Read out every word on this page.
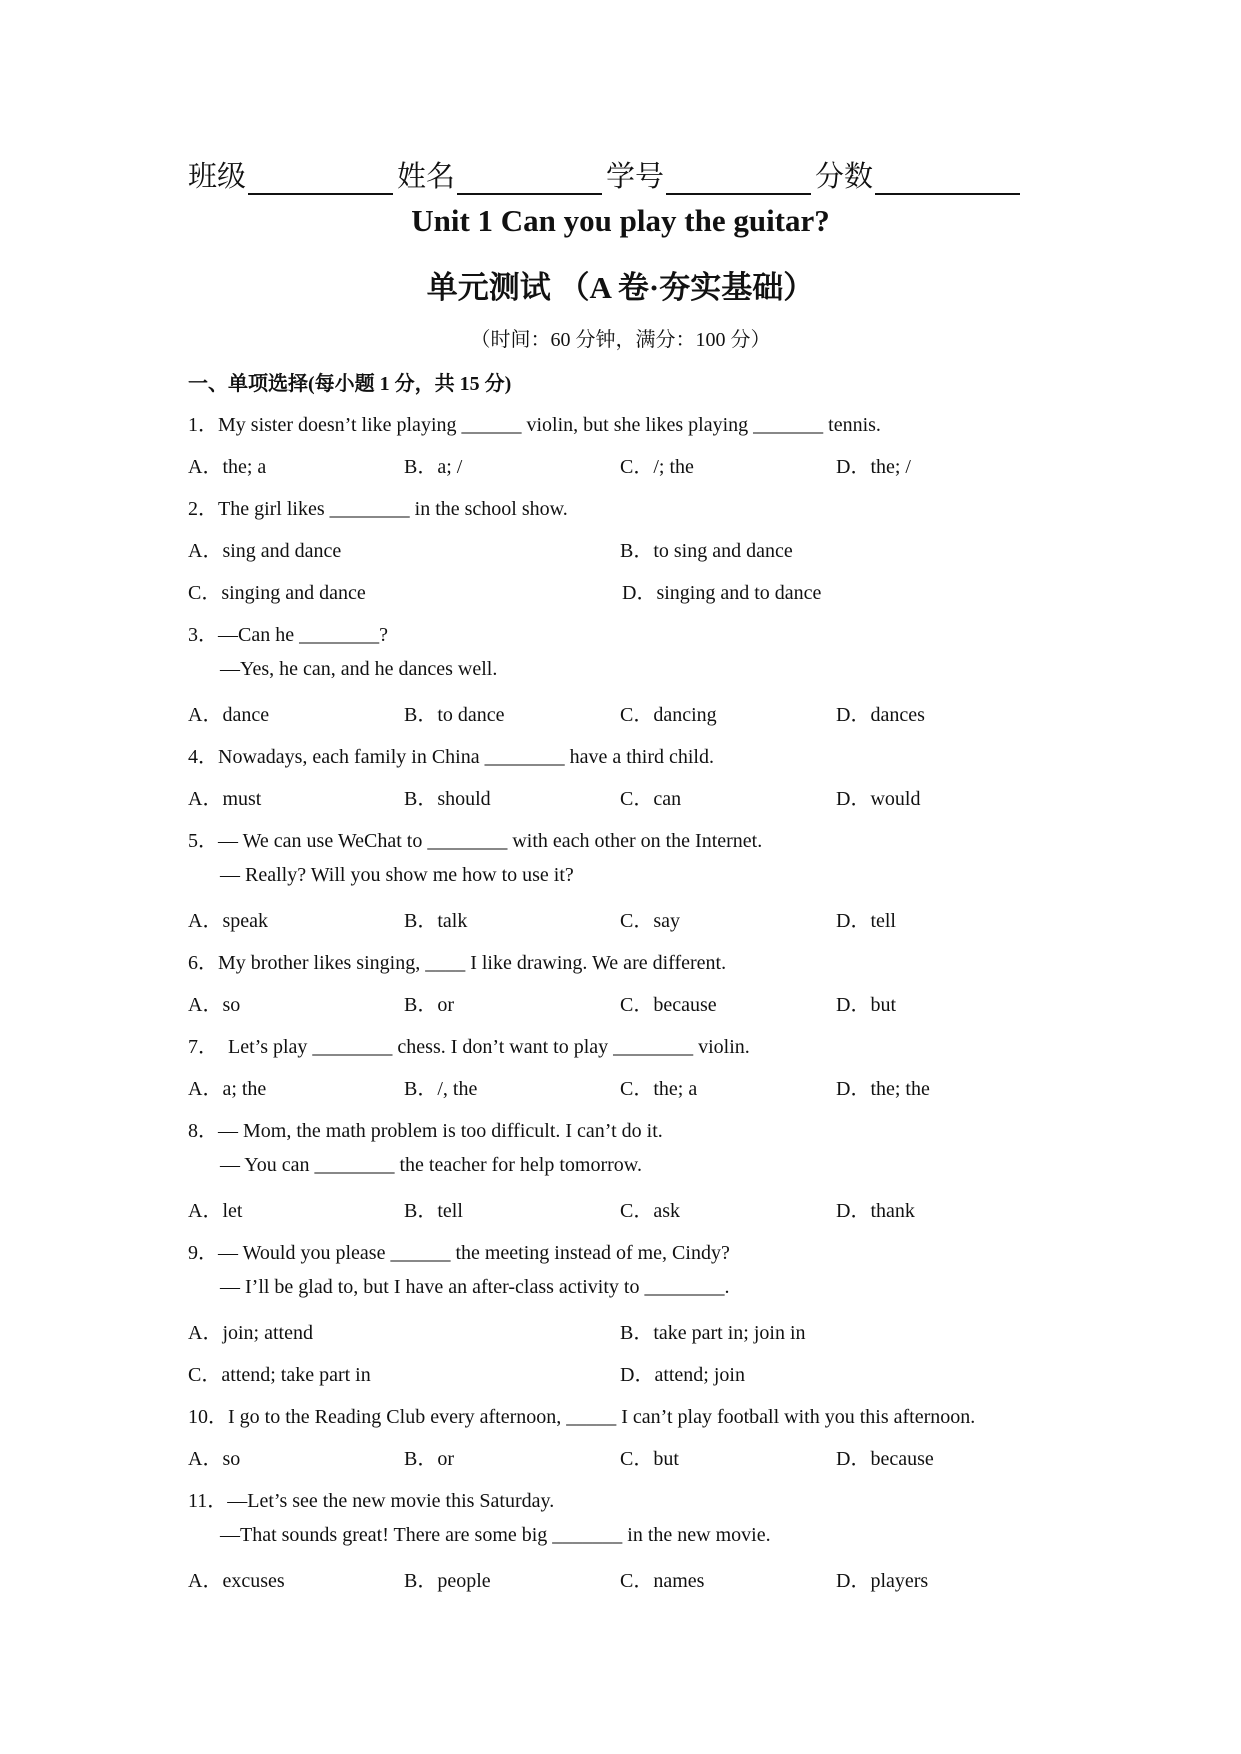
班级	姓名	学号	分数
Unit 1 Can you play the guitar?
单元测试 （A 卷·夯实基础）
（时间：60 分钟，满分：100 分）
一、单项选择(每小题 1 分，共 15 分)
1．My sister doesn’t like playing ______ violin, but she likes playing _______ tennis.
A．the; a	B．a; /	C．/; the	D．the; /
2．The girl likes ________ in the school show.
A．sing and dance	B．to sing and dance
C．singing and dance	D．singing and to dance
3．—Can he ________?
—Yes, he can, and he dances well.
A．dance	B．to dance	C．dancing	D．dances
4．Nowadays, each family in China ________ have a third child.
A．must	B．should	C．can	D．would
5．— We can use WeChat to ________ with each other on the Internet.
— Really? Will you show me how to use it?
A．speak	B．talk	C．say	D．tell
6．My brother likes singing, ____ I like drawing. We are different.
A．so	B．or	C．because	D．but
7．  Let’s play ________ chess. I don’t want to play ________ violin.
A．a; the	B．/, the	C．the; a	D．the; the
8．— Mom, the math problem is too difficult. I can’t do it.
— You can ________ the teacher for help tomorrow.
A．let	B．tell	C．ask	D．thank
9．— Would you please ______ the meeting instead of me, Cindy?
— I’ll be glad to, but I have an after-class activity to ________.
A．join; attend	B．take part in; join in
C．attend; take part in	D．attend; join
10．I go to the Reading Club every afternoon, _____ I can’t play football with you this afternoon.
A．so	B．or	C．but	D．because
11．—Let’s see the new movie this Saturday.
—That sounds great! There are some big _______ in the new movie.
A．excuses	B．people	C．names	D．players
